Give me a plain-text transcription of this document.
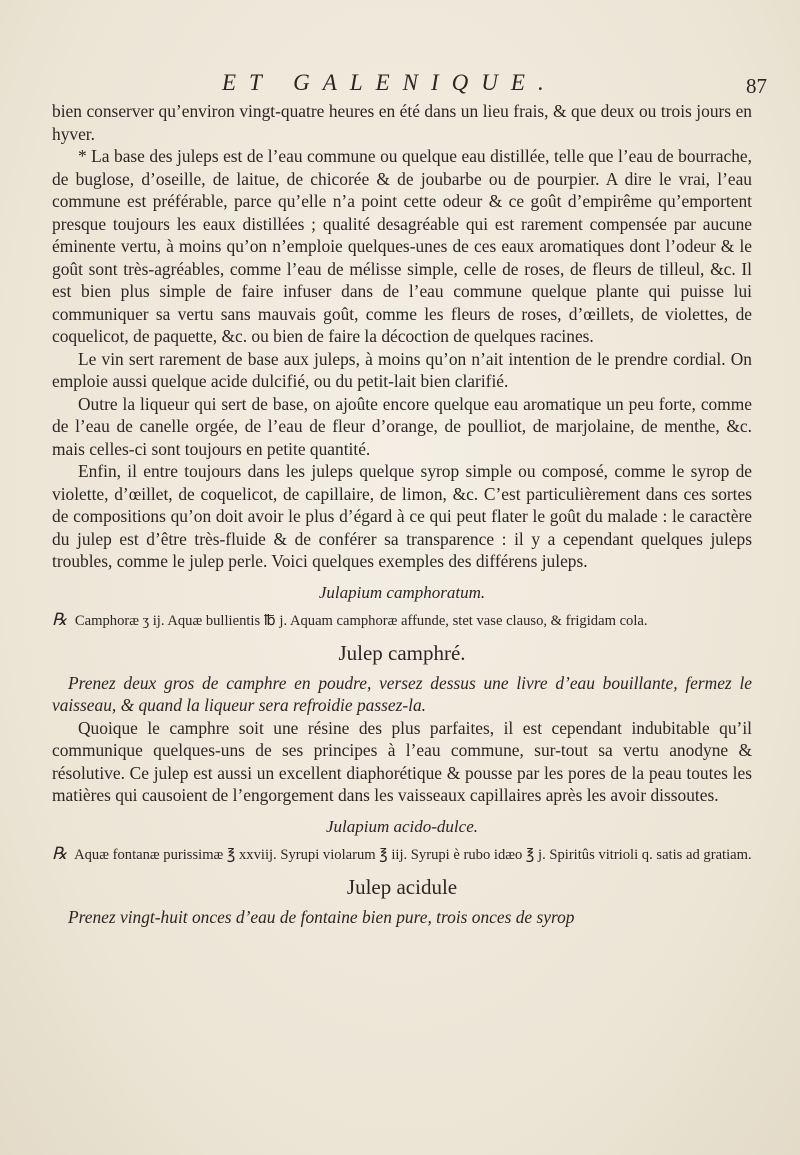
ET GALENIQUE.	87

bien conserver qu’environ vingt-quatre heures en été dans un lieu frais, & que deux ou trois jours en hyver.

* La base des juleps est de l’eau commune ou quelque eau distillée, telle que l’eau de bourrache, de buglose, d’oseille, de laitue, de chicorée & de joubarbe ou de pourpier. A dire le vrai, l’eau commune est préférable, parce qu’elle n’a point cette odeur & ce goût d’empirême qu’emportent presque toujours les eaux distillées ; qualité desagréable qui est rarement compensée par aucune éminente vertu, à moins qu’on n’emploie quelques-unes de ces eaux aromatiques dont l’odeur & le goût sont très-agréables, comme l’eau de mélisse simple, celle de roses, de fleurs de tilleul, &c. Il est bien plus simple de faire infuser dans de l’eau commune quelque plante qui puisse lui communiquer sa vertu sans mauvais goût, comme les fleurs de roses, d’œillets, de violettes, de coquelicot, de paquette, &c. ou bien de faire la décoction de quelques racines.

Le vin sert rarement de base aux juleps, à moins qu’on n’ait intention de le prendre cordial. On emploie aussi quelque acide dulcifié, ou du petit-lait bien clarifié.

Outre la liqueur qui sert de base, on ajoûte encore quelque eau aromatique un peu forte, comme de l’eau de canelle orgée, de l’eau de fleur d’orange, de poulliot, de marjolaine, de menthe, &c. mais celles-ci sont toujours en petite quantité.

Enfin, il entre toujours dans les juleps quelque syrop simple ou composé, comme le syrop de violette, d’œillet, de coquelicot, de capillaire, de limon, &c. C’est particulièrement dans ces sortes de compositions qu’on doit avoir le plus d’égard à ce qui peut flater le goût du malade : le caractère du julep est d’être très-fluide & de conférer sa transparence : il y a cependant quelques juleps troubles, comme le julep perle. Voici quelques exemples des différens juleps.

Julapium camphoratum.

℞ Camphoræ ʒ ij. Aquæ bullientis ℔ j. Aquam camphoræ affunde, stet vase clauso, & frigidam cola.

Julep camphré.

Prenez deux gros de camphre en poudre, versez dessus une livre d’eau bouillante, fermez le vaisseau, & quand la liqueur sera refroidie passez-la.

Quoique le camphre soit une résine des plus parfaites, il est cependant indubitable qu’il communique quelques-uns de ses principes à l’eau commune, sur-tout sa vertu anodyne & résolutive. Ce julep est aussi un excellent diaphorétique & pousse par les pores de la peau toutes les matières qui causoient de l’engorgement dans les vaisseaux capillaires après les avoir dissoutes.

Julapium acido-dulce.

℞ Aquæ fontanæ purissimæ ℥ xxviij. Syrupi violarum ℥ iij. Syrupi è rubo idæo ℥ j. Spiritûs vitrioli q. satis ad gratiam.

Julep acidule

Prenez vingt-huit onces d’eau de fontaine bien pure, trois onces de syrop
